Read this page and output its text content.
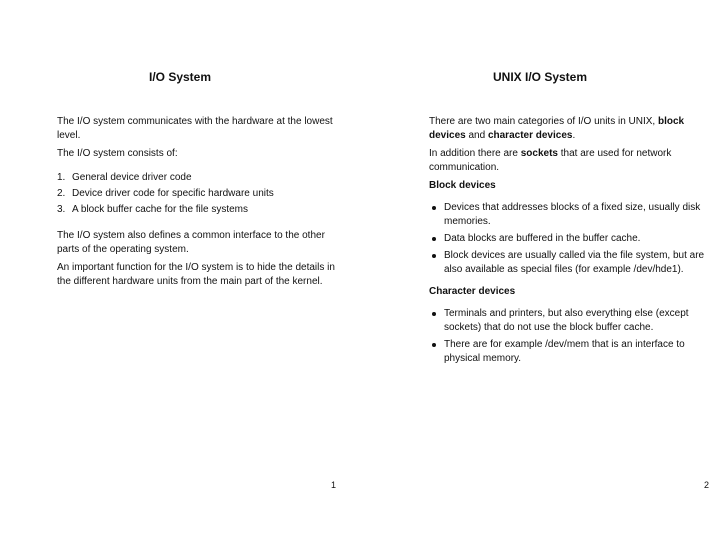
I/O System

The I/O system communicates with the hardware at the lowest level.

The I/O system consists of:

1. General device driver code
2. Device driver code for specific hardware units
3. A block buffer cache for the file systems

The I/O system also defines a common interface to the other parts of the operating system.

An important function for the I/O system is to hide the details in the different hardware units from the main part of the kernel.

1
UNIX I/O System

There are two main categories of I/O units in UNIX, block devices and character devices.

In addition there are sockets that are used for network communication.

Block devices
Devices that addresses blocks of a fixed size, usually disk memories.
Data blocks are buffered in the buffer cache.
Block devices are usually called via the file system, but are also available as special files (for example /dev/hde1).
Character devices
Terminals and printers, but also everything else (except sockets) that do not use the block buffer cache.
There are for example /dev/mem that is an interface to physical memory.
2
